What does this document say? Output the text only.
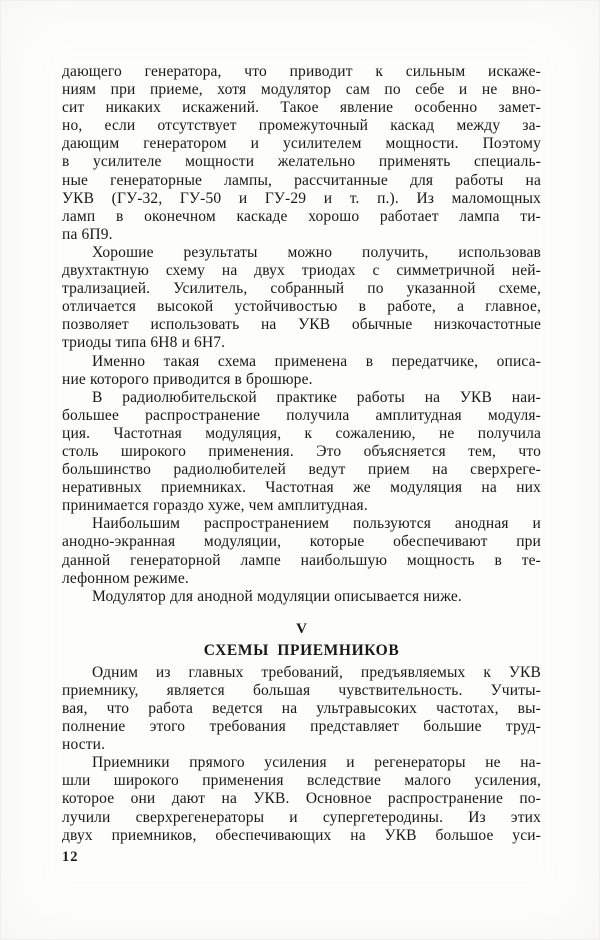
дающего генератора, что приводит к сильным искаже-
ниям при приеме, хотя модулятор сам по себе и не вно-
сит никаких искажений. Такое явление особенно замет-
но, если отсутствует промежуточный каскад между за-
дающим генератором и усилителем мощности. Поэтому
в усилителе мощности желательно применять специаль-
ные генераторные лампы, рассчитанные для работы на
УКВ (ГУ-32, ГУ-50 и ГУ-29 и т. п.). Из маломощных
ламп в оконечном каскаде хорошо работает лампа ти-
па 6П9.

Хорошие результаты можно получить, использовав
двухтактную схему на двух триодах с симметричной ней-
трализацией. Усилитель, собранный по указанной схеме,
отличается высокой устойчивостью в работе, а главное,
позволяет использовать на УКВ обычные низкочастотные
триоды типа 6Н8 и 6Н7.

Именно такая схема применена в передатчике, описа-
ние которого приводится в брошюре.

В радиолюбительской практике работы на УКВ наи-
большее распространение получила амплитудная модуля-
ция. Частотная модуляция, к сожалению, не получила
столь широкого применения. Это объясняется тем, что
большинство радиолюбителей ведут прием на сверхреге-
неративных приемниках. Частотная же модуляция на них
принимается гораздо хуже, чем амплитудная.

Наибольшим распространением пользуются анодная и
анодно-экранная модуляции, которые обеспечивают при
данной генераторной лампе наибольшую мощность в те-
лефонном режиме.

Модулятор для анодной модуляции описывается ниже.

V
СХЕМЫ ПРИЕМНИКОВ

Одним из главных требований, предъявляемых к УКВ
приемнику, является большая чувствительность. Учиты-
вая, что работа ведется на ультравысоких частотах, вы-
полнение этого требования представляет большие труд-
ности.

Приемники прямого усиления и регенераторы не на-
шли широкого применения вследствие малого усиления,
которое они дают на УКВ. Основное распространение по-
лучили сверхрегенераторы и супергетеродины. Из этих
двух приемников, обеспечивающих на УКВ большое уси-

12
